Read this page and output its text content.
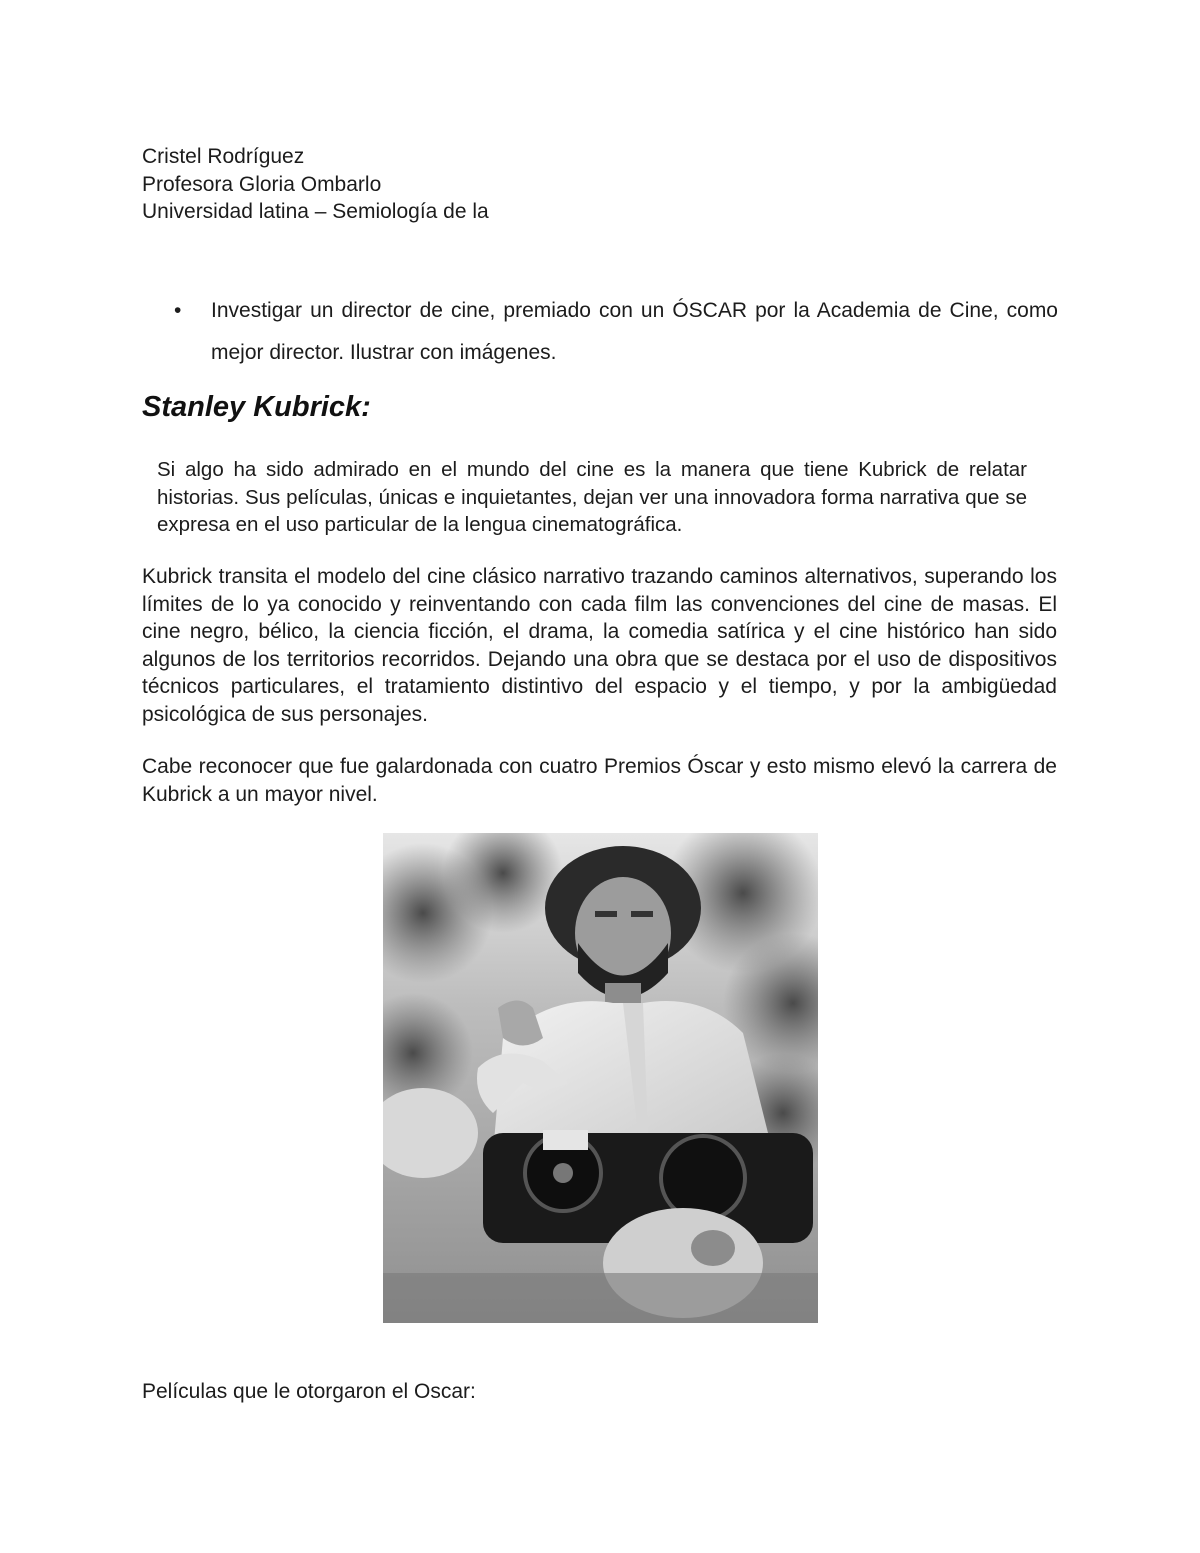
Cristel Rodríguez
Profesora Gloria Ombarlo
Universidad latina – Semiología de la
•	Investigar un director de cine, premiado con un ÓSCAR por la Academia de Cine, como mejor director. Ilustrar con imágenes.
Stanley Kubrick:
Si algo ha sido admirado en el mundo del cine es la manera que tiene Kubrick de relatar historias. Sus películas, únicas e inquietantes, dejan ver una innovadora forma narrativa que se expresa en el uso particular de la lengua cinematográfica.
Kubrick transita el modelo del cine clásico narrativo trazando caminos alternativos, superando los límites de lo ya conocido y reinventando con cada film las convenciones del cine de masas. El cine negro, bélico, la ciencia ficción, el drama, la comedia satírica y el cine histórico han sido algunos de los territorios recorridos. Dejando una obra que se destaca por el uso de dispositivos técnicos particulares, el tratamiento distintivo del espacio y el tiempo, y por la ambigüedad psicológica de sus personajes.
Cabe reconocer que fue galardonada con cuatro Premios Óscar y esto mismo elevó la carrera de Kubrick a un mayor nivel.
Películas que le otorgaron el Oscar:
